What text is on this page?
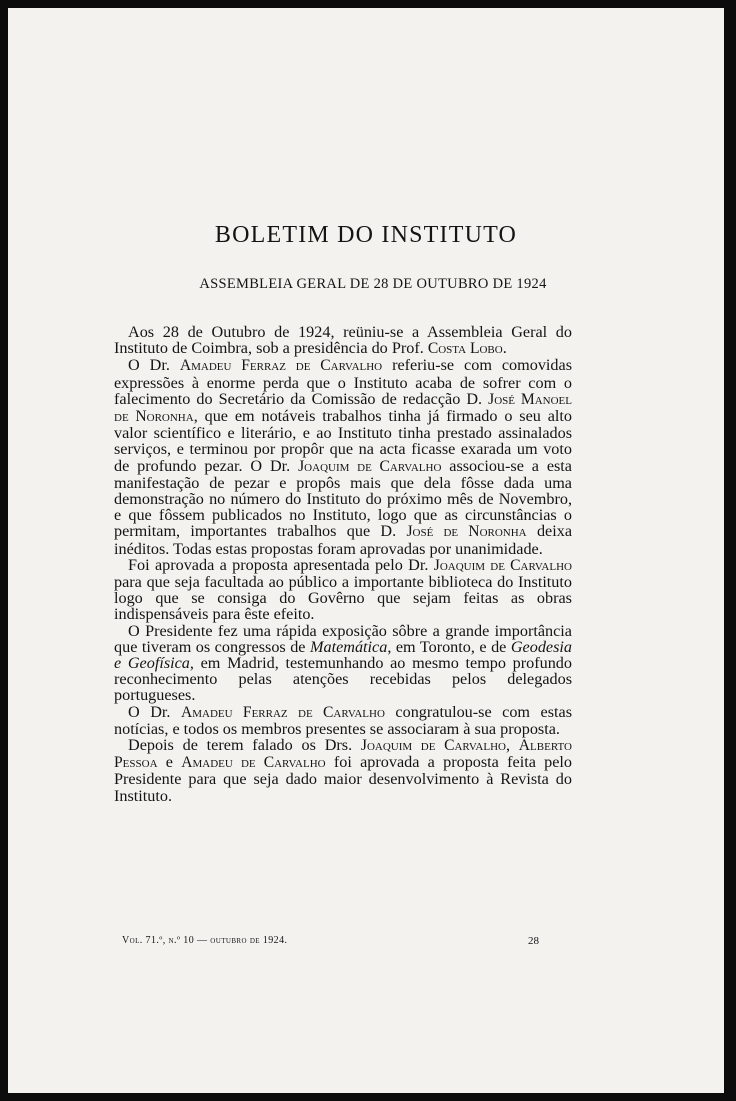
BOLETIM DO INSTITUTO
ASSEMBLEIA GERAL DE 28 DE OUTUBRO DE 1924

Aos 28 de Outubro de 1924, reüniu-se a Assembleia Geral do Instituto de Coimbra, sob a presidência do Prof. Costa Lobo.

O Dr. Amadeu Ferraz de Carvalho referiu-se com comovidas expressões à enorme perda que o Instituto acaba de sofrer com o falecimento do Secretário da Comissão de redacção D. José Manoel de Noronha, que em notáveis trabalhos tinha já firmado o seu alto valor scientífico e literário, e ao Instituto tinha prestado assinalados serviços, e terminou por propôr que na acta ficasse exarada um voto de profundo pezar. O Dr. Joaquim de Carvalho associou-se a esta manifestação de pezar e propôs mais que dela fôsse dada uma demonstração no número do Instituto do próximo mês de Novembro, e que fôssem publicados no Instituto, logo que as circunstâncias o permitam, importantes trabalhos que D. José de Noronha deixa inéditos. Todas estas propostas foram aprovadas por unanimidade.

Foi aprovada a proposta apresentada pelo Dr. Joaquim de Carvalho para que seja facultada ao público a importante biblioteca do Instituto logo que se consiga do Govêrno que sejam feitas as obras indispensáveis para êste efeito.

O Presidente fez uma rápida exposição sôbre a grande importância que tiveram os congressos de Matemática, em Toronto, e de Geodesia e Geofísica, em Madrid, testemunhando ao mesmo tempo profundo reconhecimento pelas atenções recebidas pelos delegados portugueses.

O Dr. Amadeu Ferraz de Carvalho congratulou-se com estas notícias, e todos os membros presentes se associaram à sua proposta.

Depois de terem falado os Drs. Joaquim de Carvalho, Alberto Pessoa e Amadeu de Carvalho foi aprovada a proposta feita pelo Presidente para que seja dado maior desenvolvimento à Revista do Instituto.

Vol. 71.º, n.º 10 — outubro de 1924.	28
